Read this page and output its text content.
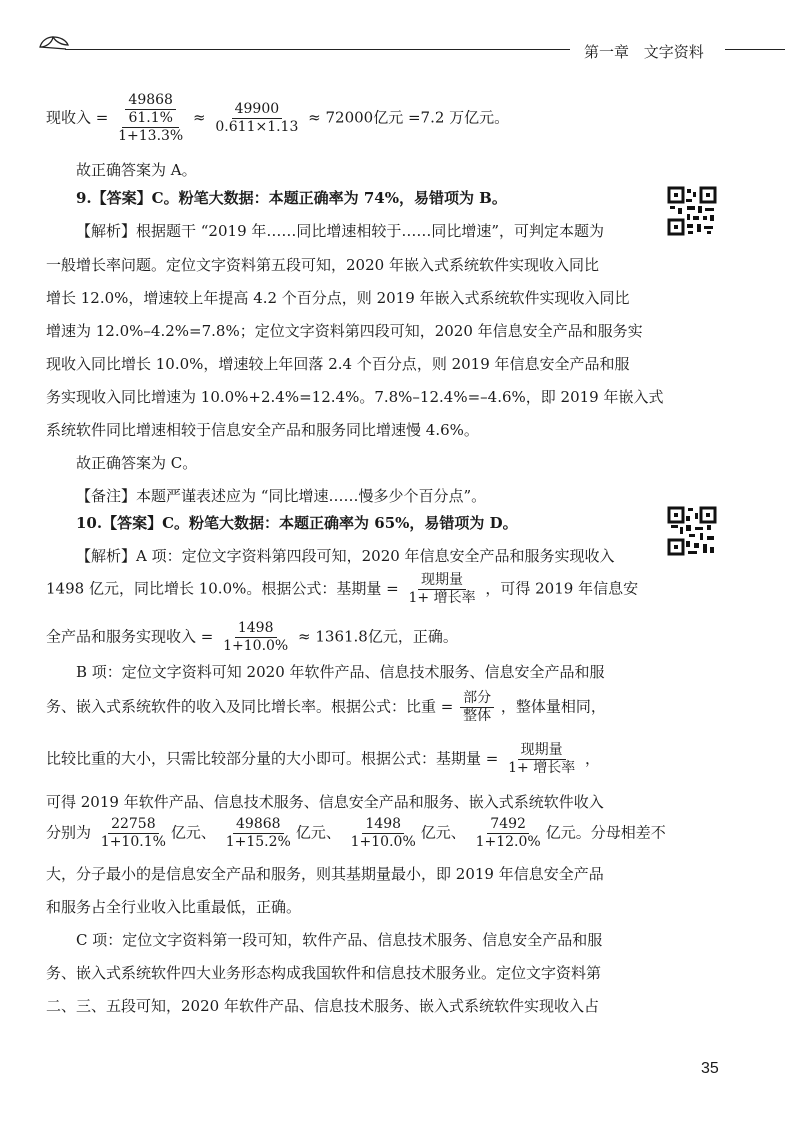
第一章 文字资料
现收入 = $\frac{\frac{49868}{61.1\%}}{1+13.3\%} \approx \frac{49900}{0.611\times 1.13} \approx 72000$亿元 =7.2 万亿元。
故正确答案为 A。
9.【答案】C。粉笔大数据：本题正确率为 74%，易错项为 B。
【解析】根据题干 “2019 年……同比增速相较于……同比增速”，可判定本题为
一般增长率问题。定位文字资料第五段可知，2020 年嵌入式系统软件实现收入同比
增长 12.0%，增速较上年提高 4.2 个百分点，则 2019 年嵌入式系统软件实现收入同比
增速为 12.0%–4.2%=7.8%；定位文字资料第四段可知，2020 年信息安全产品和服务实
现收入同比增长 10.0%，增速较上年回落 2.4 个百分点，则 2019 年信息安全产品和服
务实现收入同比增速为 10.0%+2.4%=12.4%。7.8%–12.4%=–4.6%，即 2019 年嵌入式
系统软件同比增速相较于信息安全产品和服务同比增速慢 4.6%。
故正确答案为 C。
【备注】本题严谨表述应为 “同比增速……慢多少个百分点”。
10.【答案】C。粉笔大数据：本题正确率为 65%，易错项为 D。
【解析】A 项：定位文字资料第四段可知，2020 年信息安全产品和服务实现收入
1498 亿元，同比增长 10.0%。根据公式：基期量 = $\frac{\text{现期量}}{\text{1+ 增长率}}$ ，可得 2019 年信息安
全产品和服务实现收入 = $\frac{1498}{1+10.0\%} \approx 1361.8$亿元，正确。
B 项：定位文字资料可知 2020 年软件产品、信息技术服务、信息安全产品和服
务、嵌入式系统软件的收入及同比增长率。根据公式：比重 = $\frac{\text{部分}}{\text{整体}}$ ，整体量相同，
比较比重的大小，只需比较部分量的大小即可。根据公式：基期量 = $\frac{\text{现期量}}{\text{1+ 增长率}}$ ，
可得 2019 年软件产品、信息技术服务、信息安全产品和服务、嵌入式系统软件收入
分别为 $\frac{22758}{1+10.1\%}$ 亿元、 $\frac{49868}{1+15.2\%}$ 亿元、 $\frac{1498}{1+10.0\%}$ 亿元、 $\frac{7492}{1+12.0\%}$ 亿元。分母相差不
大，分子最小的是信息安全产品和服务，则其基期量最小，即 2019 年信息安全产品
和服务占全行业收入比重最低，正确。
C 项：定位文字资料第一段可知，软件产品、信息技术服务、信息安全产品和服
务、嵌入式系统软件四大业务形态构成我国软件和信息技术服务业。定位文字资料第
二、三、五段可知，2020 年软件产品、信息技术服务、嵌入式系统软件实现收入占
35
